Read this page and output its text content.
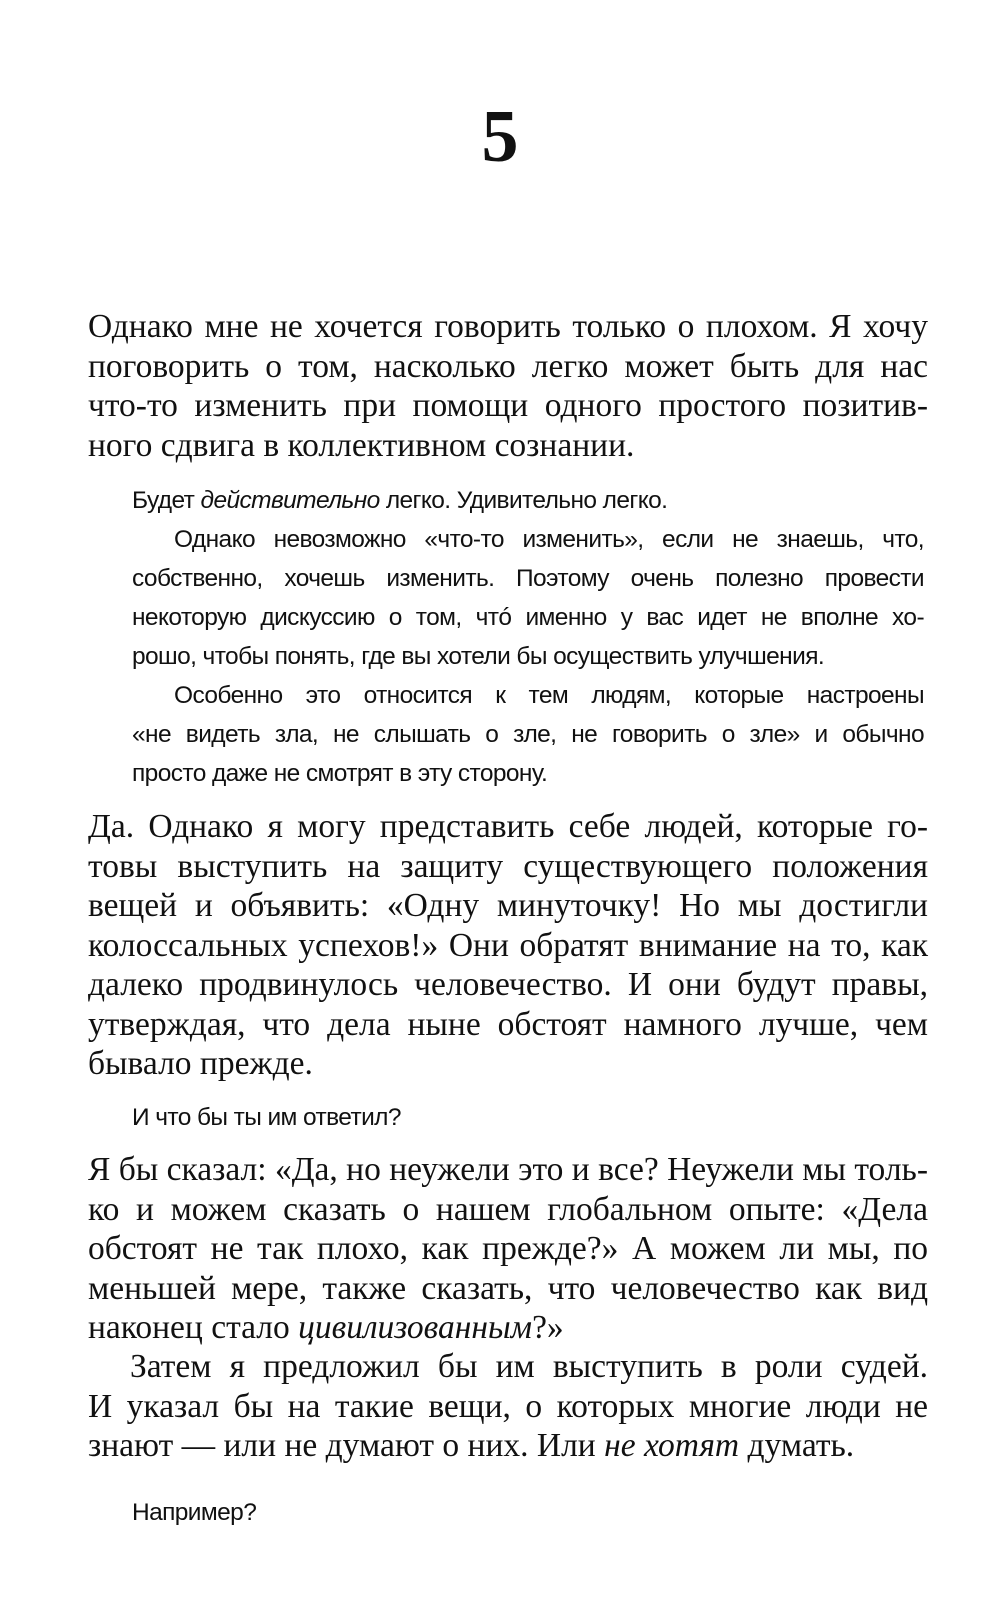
5
Однако мне не хочется говорить только о плохом. Я хочу
поговорить о том, насколько легко может быть для нас
что-то изменить при помощи одного простого позитив-
ного сдвига в коллективном сознании.
Будет действительно легко. Удивительно легко.
Однако невозможно «что-то изменить», если не знаешь, что,
собственно, хочешь изменить. Поэтому очень полезно провести
некоторую дискуссию о том, чтó именно у вас идет не вполне хо-
рошо, чтобы понять, где вы хотели бы осуществить улучшения.
Особенно это относится к тем людям, которые настроены
«не видеть зла, не слышать о зле, не говорить о зле» и обычно
просто даже не смотрят в эту сторону.
Да. Однако я могу представить себе людей, которые го-
товы выступить на защиту существующего положения
вещей и объявить: «Одну минуточку! Но мы достигли
колоссальных успехов!» Они обратят внимание на то, как
далеко продвинулось человечество. И они будут правы,
утверждая, что дела ныне обстоят намного лучше, чем
бывало прежде.
И что бы ты им ответил?
Я бы сказал: «Да, но неужели это и все? Неужели мы толь-
ко и можем сказать о нашем глобальном опыте: «Дела
обстоят не так плохо, как прежде?» А можем ли мы, по
меньшей мере, также сказать, что человечество как вид
наконец стало цивилизованным?»
Затем я предложил бы им выступить в роли судей.
И указал бы на такие вещи, о которых многие люди не
знают — или не думают о них. Или не хотят думать.
Например?
